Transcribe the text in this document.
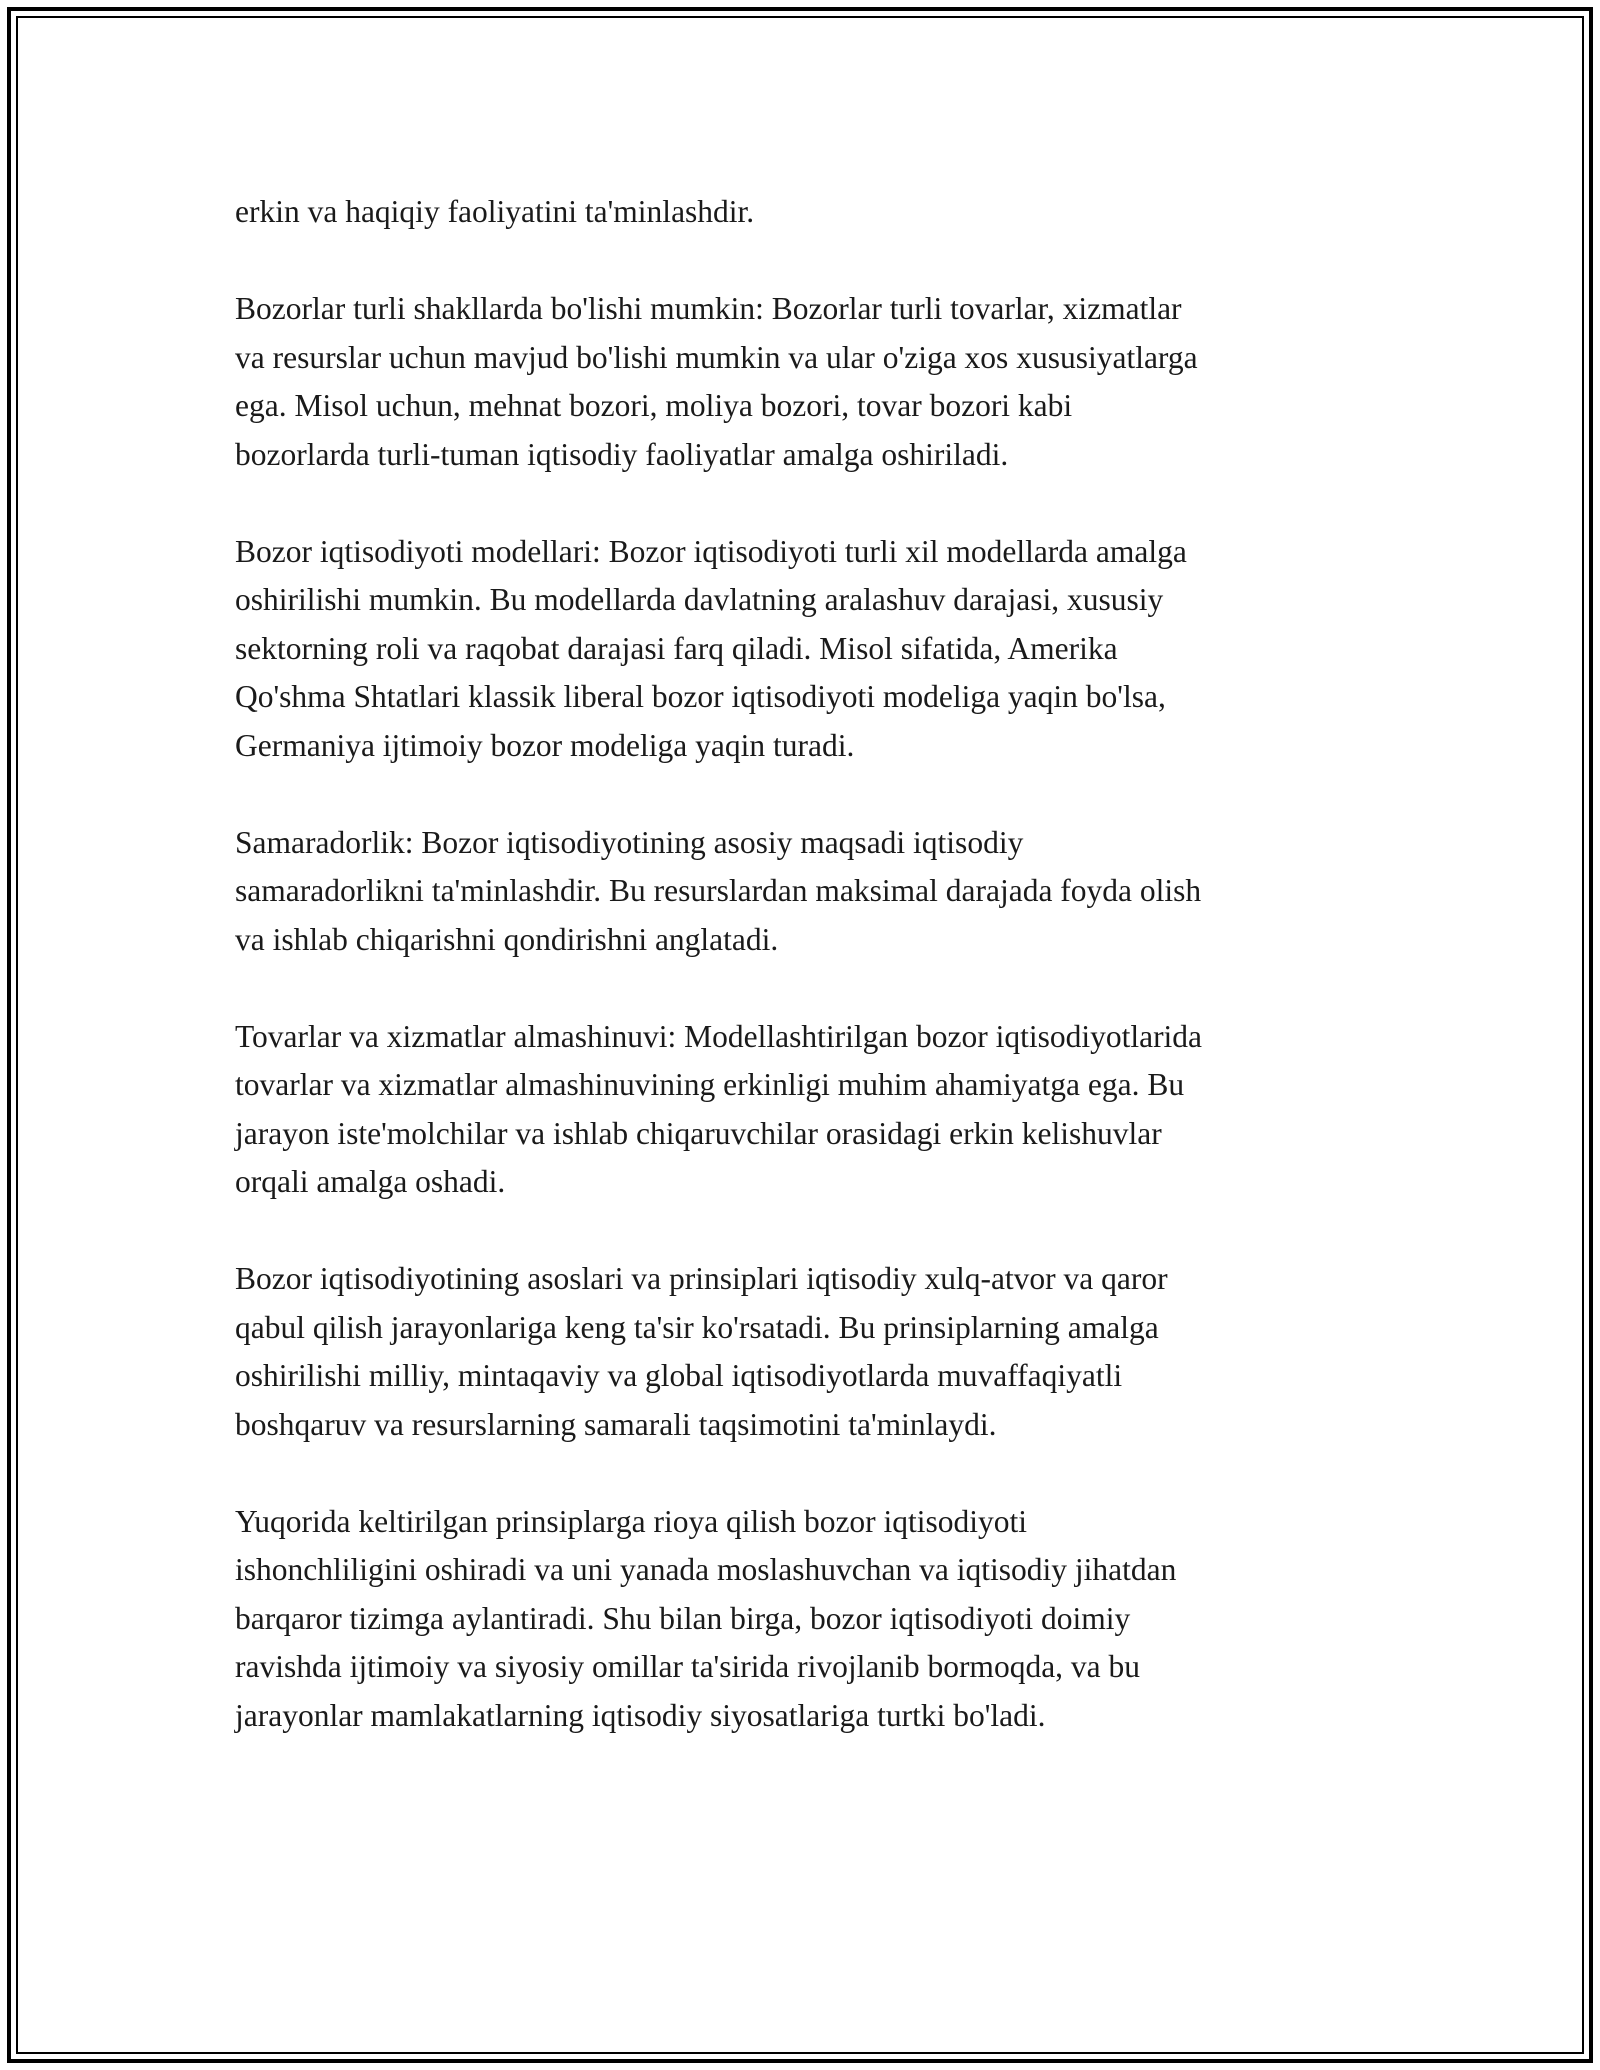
erkin va haqiqiy faoliyatini ta'minlashdir.

Bozorlar turli shakllarda bo'lishi mumkin: Bozorlar turli tovarlar, xizmatlar
va resurslar uchun mavjud bo'lishi mumkin va ular o'ziga xos xususiyatlarga
ega. Misol uchun, mehnat bozori, moliya bozori, tovar bozori kabi
bozorlarda turli-tuman iqtisodiy faoliyatlar amalga oshiriladi.

Bozor iqtisodiyoti modellari: Bozor iqtisodiyoti turli xil modellarda amalga
oshirilishi mumkin. Bu modellarda davlatning aralashuv darajasi, xususiy
sektorning roli va raqobat darajasi farq qiladi. Misol sifatida, Amerika
Qo'shma Shtatlari klassik liberal bozor iqtisodiyoti modeliga yaqin bo'lsa,
Germaniya ijtimoiy bozor modeliga yaqin turadi.

Samaradorlik: Bozor iqtisodiyotining asosiy maqsadi iqtisodiy
samaradorlikni ta'minlashdir. Bu resurslardan maksimal darajada foyda olish
va ishlab chiqarishni qondirishni anglatadi.

Tovarlar va xizmatlar almashinuvi: Modellashtirilgan bozor iqtisodiyotlarida
tovarlar va xizmatlar almashinuvining erkinligi muhim ahamiyatga ega. Bu
jarayon iste'molchilar va ishlab chiqaruvchilar orasidagi erkin kelishuvlar
orqali amalga oshadi.

Bozor iqtisodiyotining asoslari va prinsiplari iqtisodiy xulq-atvor va qaror
qabul qilish jarayonlariga keng ta'sir ko'rsatadi. Bu prinsiplarning amalga
oshirilishi milliy, mintaqaviy va global iqtisodiyotlarda muvaffaqiyatli
boshqaruv va resurslarning samarali taqsimotini ta'minlaydi.

Yuqorida keltirilgan prinsiplarga rioya qilish bozor iqtisodiyoti
ishonchliligini oshiradi va uni yanada moslashuvchan va iqtisodiy jihatdan
barqaror tizimga aylantiradi. Shu bilan birga, bozor iqtisodiyoti doimiy
ravishda ijtimoiy va siyosiy omillar ta'sirida rivojlanib bormoqda, va bu
jarayonlar mamlakatlarning iqtisodiy siyosatlariga turtki bo'ladi.
